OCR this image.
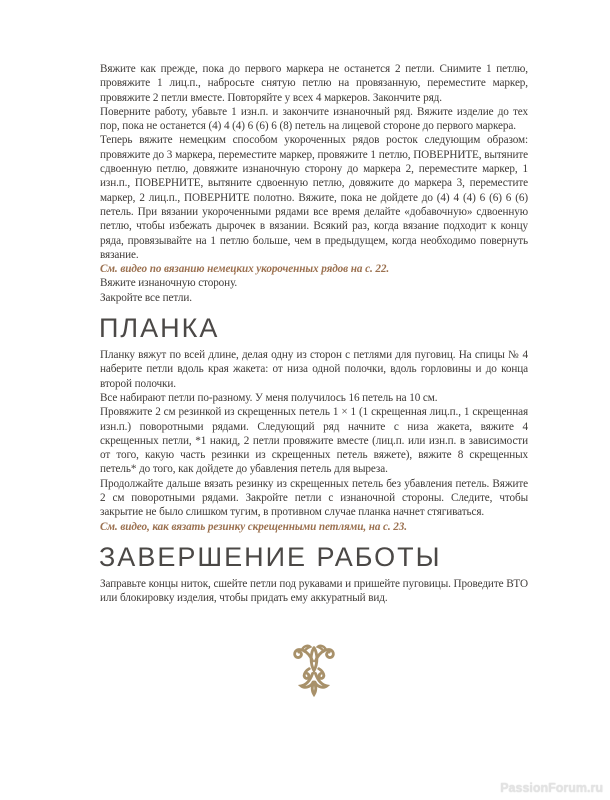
Вяжите как прежде, пока до первого маркера не останется 2 петли. Снимите 1 петлю, провяжите 1 лиц.п., набросьте снятую петлю на провязанную, переместите маркер, провяжите 2 петли вместе. Повторяйте у всех 4 маркеров. Закончите ряд.

Поверните работу, убавьте 1 изн.п. и закончите изнаночный ряд. Вяжите изделие до тех пор, пока не останется (4) 4 (4) 6 (6) 6 (8) петель на лицевой стороне до первого маркера.

Теперь вяжите немецким способом укороченных рядов росток следующим образом: провяжите до 3 маркера, переместите маркер, провяжите 1 петлю, ПОВЕРНИТЕ, вытяните сдвоенную петлю, довяжите изнаночную сторону до маркера 2, переместите маркер, 1 изн.п., ПОВЕРНИТЕ, вытяните сдвоенную петлю, довяжите до маркера 3, переместите маркер, 2 лиц.п., ПОВЕРНИТЕ полотно. Вяжите, пока не дойдете до (4) 4 (4) 6 (6) 6 (6) петель. При вязании укороченными рядами все время делайте «добавочную» сдвоенную петлю, чтобы избежать дырочек в вязании. Всякий раз, когда вязание подходит к концу ряда, провязывайте на 1 петлю больше, чем в предыдущем, когда необходимо повернуть вязание.

См. видео по вязанию немецких укороченных рядов на с. 22.

Вяжите изнаночную сторону.

Закройте все петли.

ПЛАНКА

Планку вяжут по всей длине, делая одну из сторон с петлями для пуговиц. На спицы № 4 наберите петли вдоль края жакета: от низа одной полочки, вдоль горловины и до конца второй полочки.

Все набирают петли по-разному. У меня получилось 16 петель на 10 см.

Провяжите 2 см резинкой из скрещенных петель 1 × 1 (1 скрещенная лиц.п., 1 скрещенная изн.п.) поворотными рядами. Следующий ряд начните с низа жакета, вяжите 4 скрещенных петли, *1 накид, 2 петли провяжите вместе (лиц.п. или изн.п. в зависимости от того, какую часть резинки из скрещенных петель вяжете), вяжите 8 скрещенных петель* до того, как дойдете до убавления петель для выреза.

Продолжайте дальше вязать резинку из скрещенных петель без убавления петель. Вяжите 2 см поворотными рядами. Закройте петли с изнаночной стороны. Следите, чтобы закрытие не было слишком тугим, в противном случае планка начнет стягиваться.

См. видео, как вязать резинку скрещенными петлями, на с. 23.

ЗАВЕРШЕНИЕ РАБОТЫ

Заправьте концы ниток, сшейте петли под рукавами и пришейте пуговицы. Проведите ВТО или блокировку изделия, чтобы придать ему аккуратный вид.

PassionForum.ru
